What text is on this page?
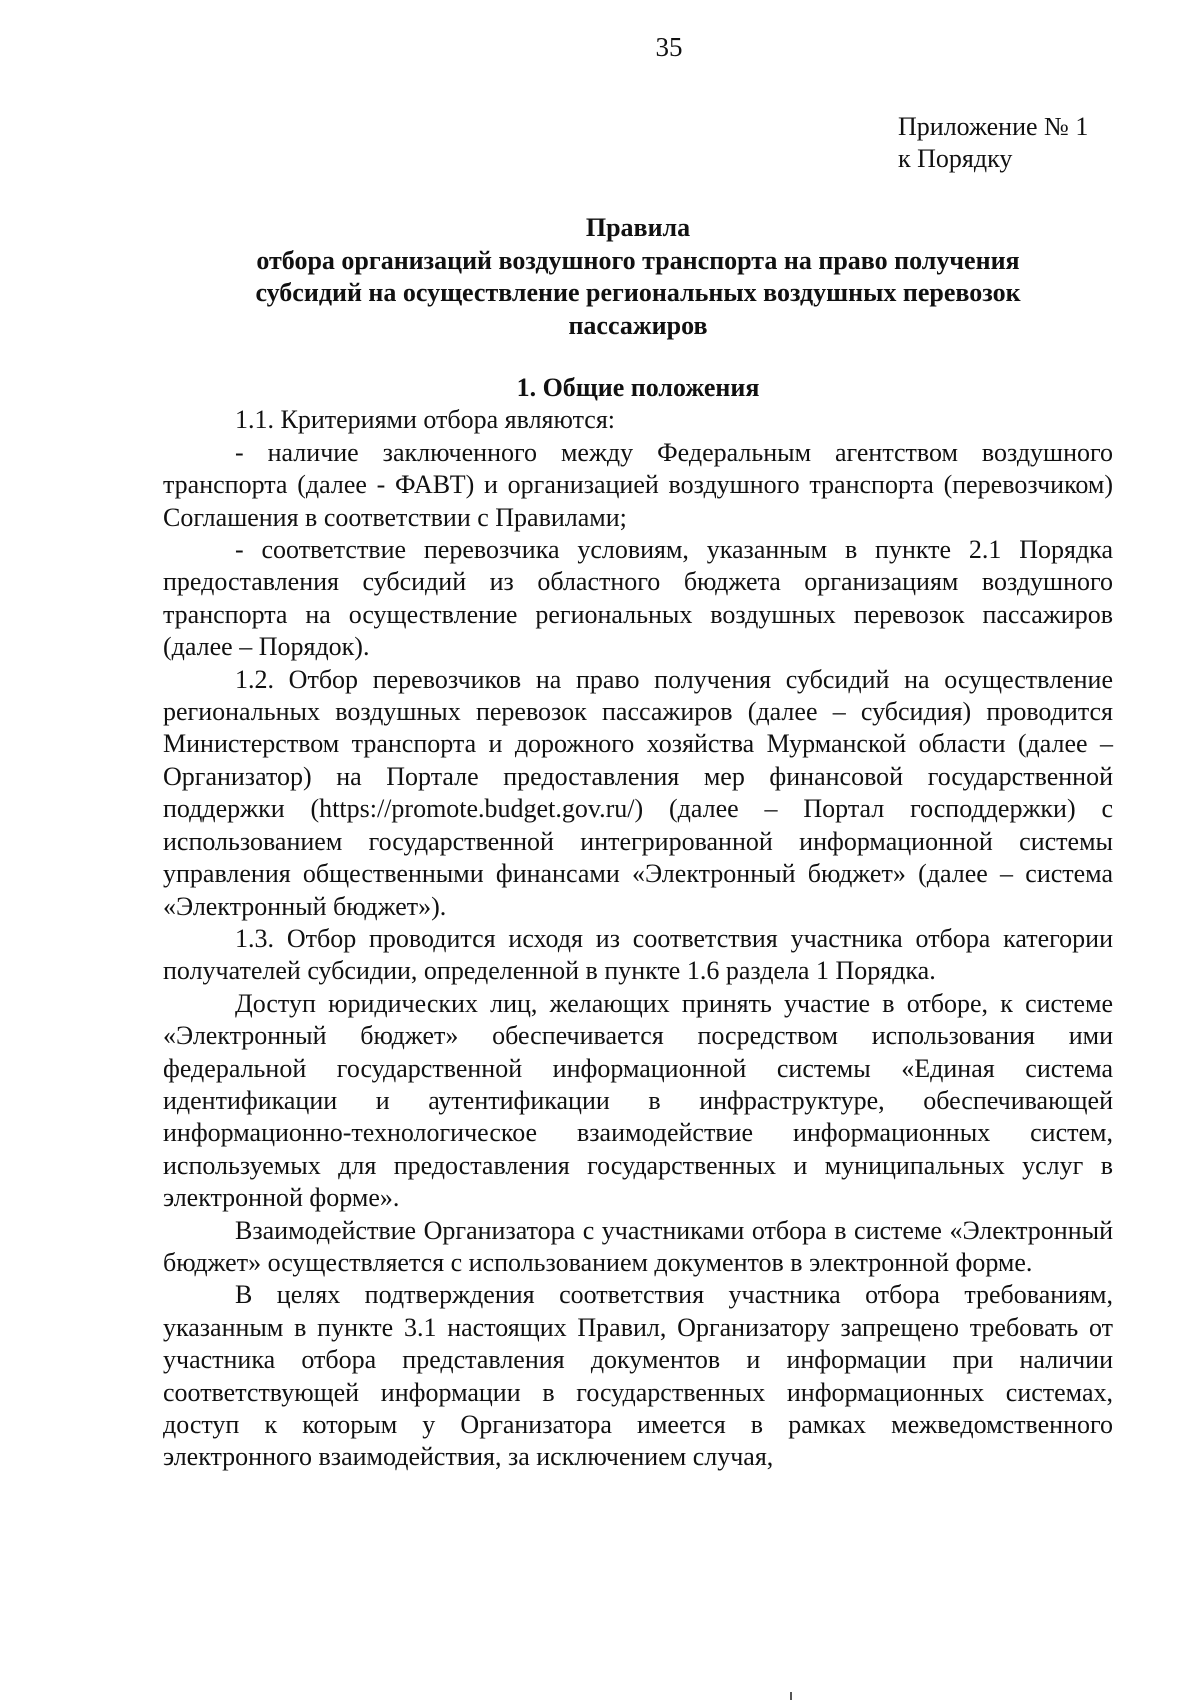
35
Приложение № 1
к Порядку
Правила
отбора организаций воздушного транспорта на право получения
субсидий на осуществление региональных воздушных перевозок
пассажиров
1. Общие положения

1.1. Критериями отбора являются:

- наличие заключенного между Федеральным агентством воздушного транспорта (далее - ФАВТ) и организацией воздушного транспорта (перевозчиком) Соглашения в соответствии с Правилами;

- соответствие перевозчика условиям, указанным в пункте 2.1 Порядка предоставления субсидий из областного бюджета организациям воздушного транспорта на осуществление региональных воздушных перевозок пассажиров (далее – Порядок).

1.2. Отбор перевозчиков на право получения субсидий на осуществление региональных воздушных перевозок пассажиров (далее – субсидия) проводится Министерством транспорта и дорожного хозяйства Мурманской области (далее – Организатор) на Портале предоставления мер финансовой государственной поддержки (https://promote.budget.gov.ru/) (далее – Портал господдержки) с использованием государственной интегрированной информационной системы управления общественными финансами «Электронный бюджет» (далее – система «Электронный бюджет»).

1.3. Отбор проводится исходя из соответствия участника отбора категории получателей субсидии, определенной в пункте 1.6 раздела 1 Порядка.

Доступ юридических лиц, желающих принять участие в отборе, к системе «Электронный бюджет» обеспечивается посредством использования ими федеральной государственной информационной системы «Единая система идентификации и аутентификации в инфраструктуре, обеспечивающей информационно-технологическое взаимодействие информационных систем, используемых для предоставления государственных и муниципальных услуг в электронной форме».

Взаимодействие Организатора с участниками отбора в системе «Электронный бюджет» осуществляется с использованием документов в электронной форме.

В целях подтверждения соответствия участника отбора требованиям, указанным в пункте 3.1 настоящих Правил, Организатору запрещено требовать от участника отбора представления документов и информации при наличии соответствующей информации в государственных информационных системах, доступ к которым у Организатора имеется в рамках межведомственного электронного взаимодействия, за исключением случая,
